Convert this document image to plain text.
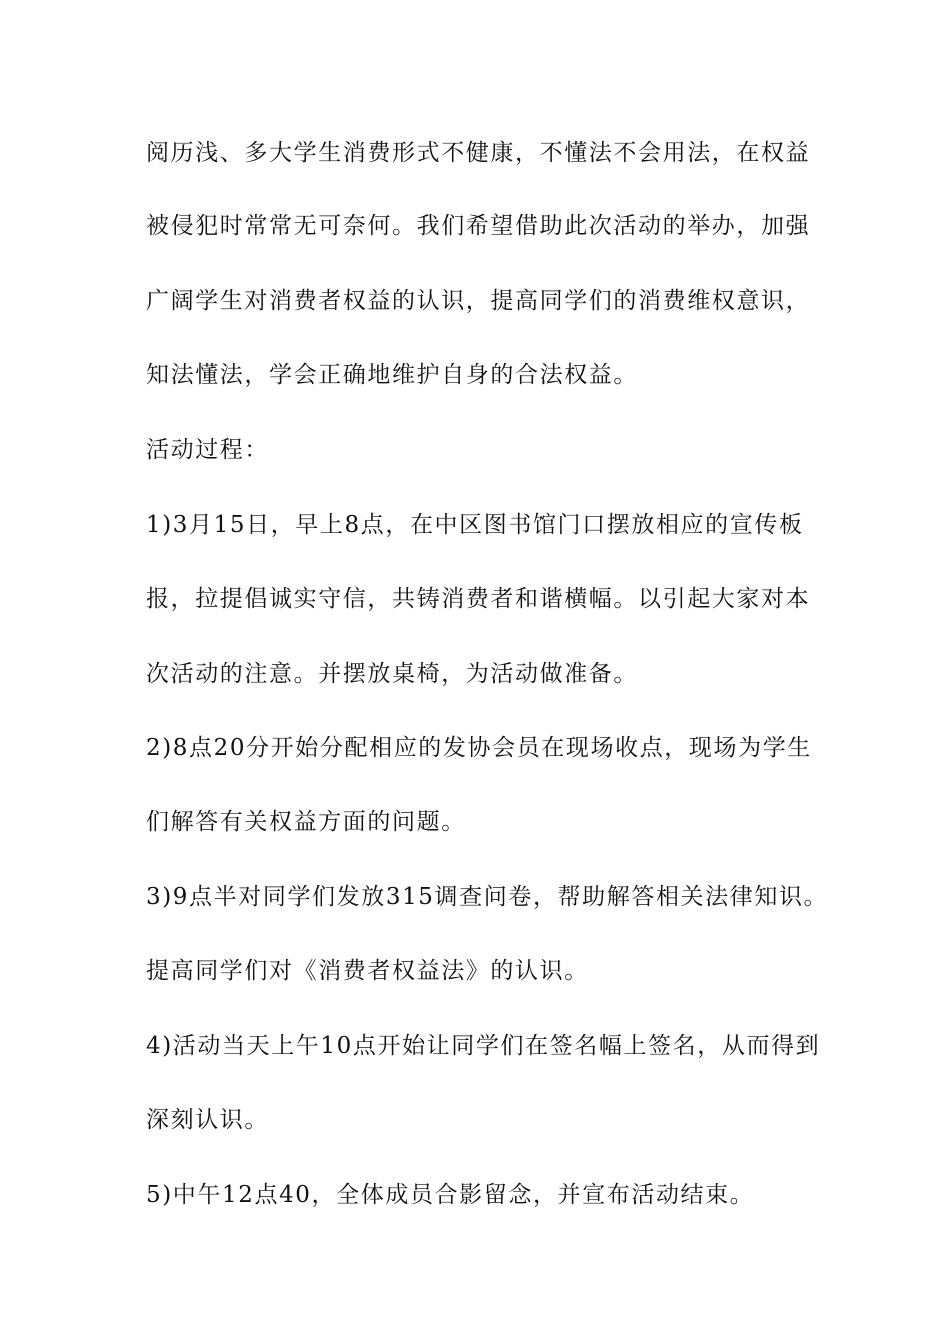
阅历浅、多大学生消费形式不健康，不懂法不会用法，在权益
被侵犯时常常无可奈何。我们希望借助此次活动的举办，加强
广阔学生对消费者权益的认识，提高同学们的消费维权意识，
知法懂法，学会正确地维护自身的合法权益。
活动过程：
1)3月15日，早上8点，在中区图书馆门口摆放相应的宣传板
报，拉提倡诚实守信，共铸消费者和谐横幅。以引起大家对本
次活动的注意。并摆放桌椅，为活动做准备。
2)8点20分开始分配相应的发协会员在现场收点，现场为学生
们解答有关权益方面的问题。
3)9点半对同学们发放315调查问卷，帮助解答相关法律知识。
提高同学们对《消费者权益法》的认识。
4)活动当天上午10点开始让同学们在签名幅上签名，从而得到
深刻认识。
5)中午12点40，全体成员合影留念，并宣布活动结束。
